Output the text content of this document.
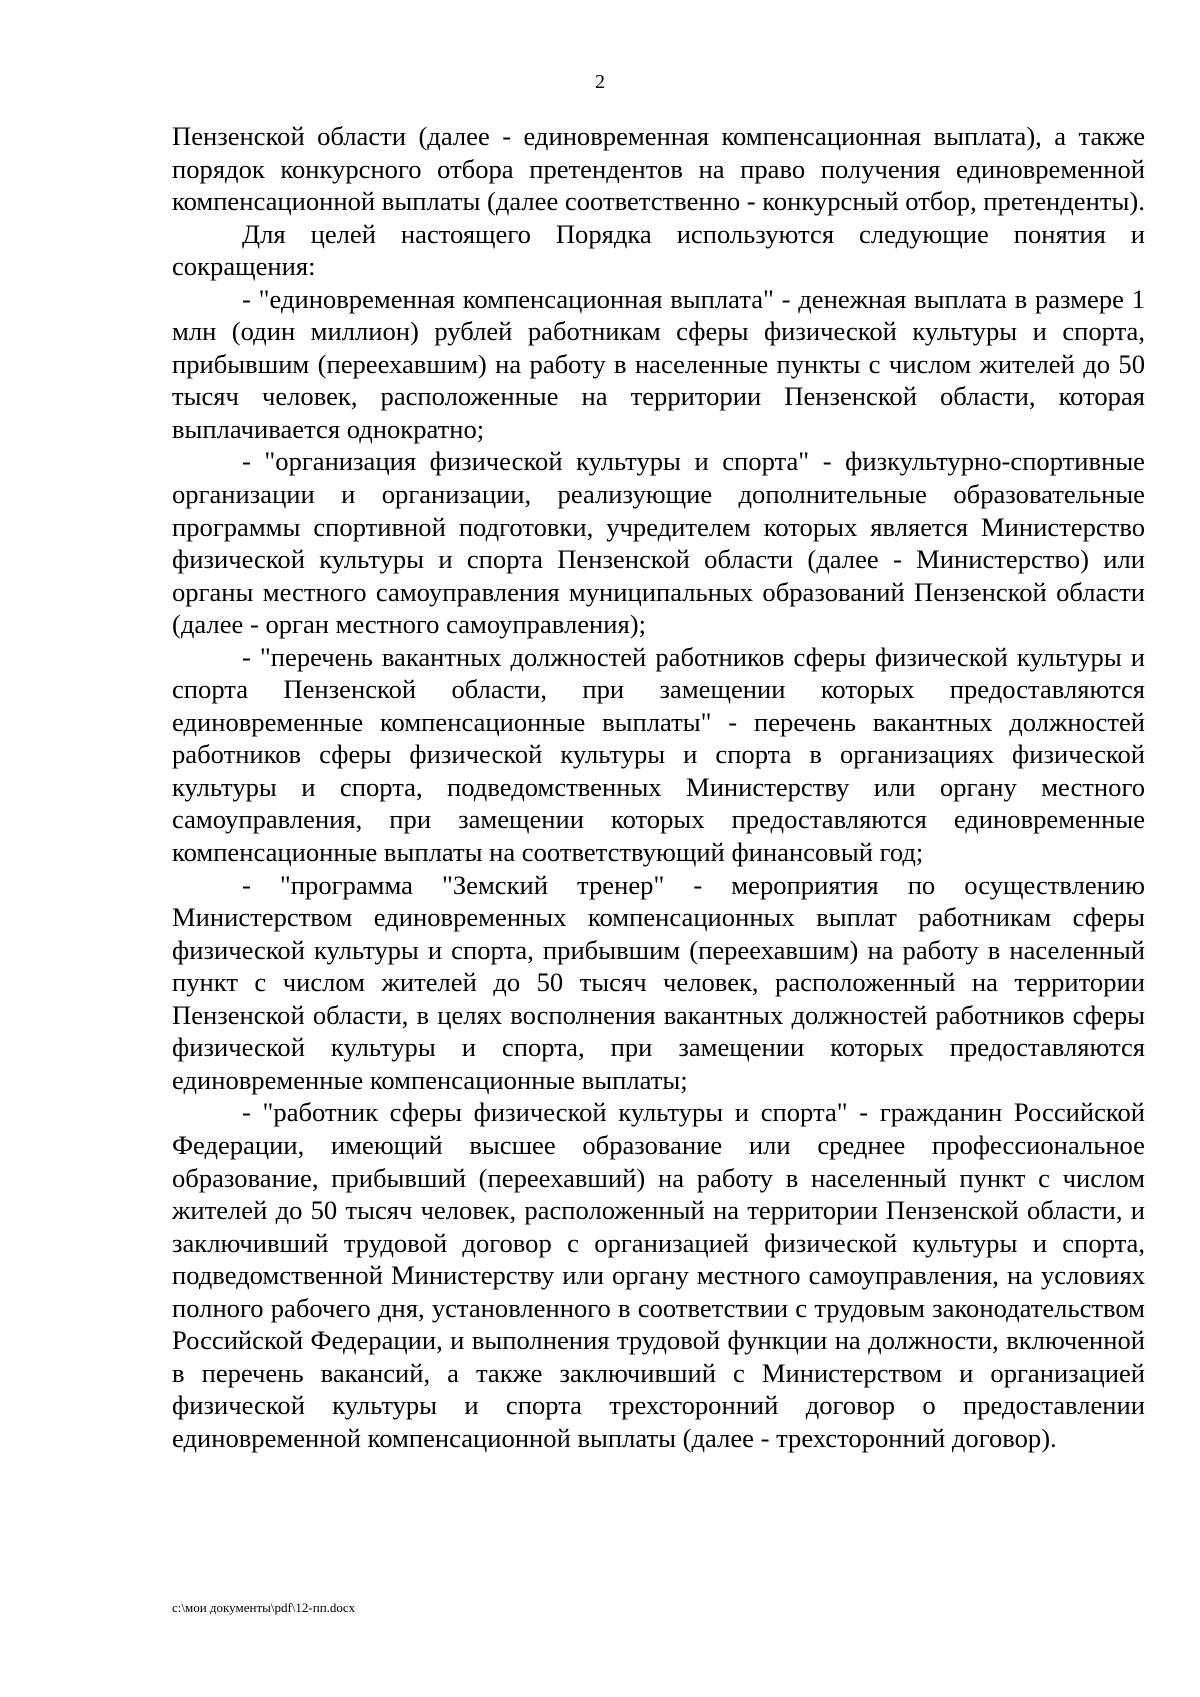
2

Пензенской области (далее - единовременная компенсационная выплата), а также порядок конкурсного отбора претендентов на право получения единовременной компенсационной выплаты (далее соответственно - конкурсный отбор, претенденты).

Для целей настоящего Порядка используются следующие понятия и сокращения:

- "единовременная компенсационная выплата" - денежная выплата в размере 1 млн (один миллион) рублей работникам сферы физической культуры и спорта, прибывшим (переехавшим) на работу в населенные пункты с числом жителей до 50 тысяч человек, расположенные на территории Пензенской области, которая выплачивается однократно;

- "организация физической культуры и спорта" - физкультурно-спортивные организации и организации, реализующие дополнительные образовательные программы спортивной подготовки, учредителем которых является Министерство физической культуры и спорта Пензенской области (далее - Министерство) или органы местного самоуправления муниципальных образований Пензенской области (далее - орган местного самоуправления);

- "перечень вакантных должностей работников сферы физической культуры и спорта Пензенской области, при замещении которых предоставляются единовременные компенсационные выплаты" - перечень вакантных должностей работников сферы физической культуры и спорта в организациях физической культуры и спорта, подведомственных Министерству или органу местного самоуправления, при замещении которых предоставляются единовременные компенсационные выплаты на соответствующий финансовый год;

- "программа "Земский тренер" - мероприятия по осуществлению Министерством единовременных компенсационных выплат работникам сферы физической культуры и спорта, прибывшим (переехавшим) на работу в населенный пункт с числом жителей до 50 тысяч человек, расположенный на территории Пензенской области, в целях восполнения вакантных должностей работников сферы физической культуры и спорта, при замещении которых предоставляются единовременные компенсационные выплаты;

- "работник сферы физической культуры и спорта" - гражданин Российской Федерации, имеющий высшее образование или среднее профессиональное образование, прибывший (переехавший) на работу в населенный пункт с числом жителей до 50 тысяч человек, расположенный на территории Пензенской области, и заключивший трудовой договор с организацией физической культуры и спорта, подведомственной Министерству или органу местного самоуправления, на условиях полного рабочего дня, установленного в соответствии с трудовым законодательством Российской Федерации, и выполнения трудовой функции на должности, включенной в перечень вакансий, а также заключивший с Министерством и организацией физической культуры и спорта трехсторонний договор о предоставлении единовременной компенсационной выплаты (далее - трехсторонний договор).

c:\мои документы\pdf\12-пп.docx
